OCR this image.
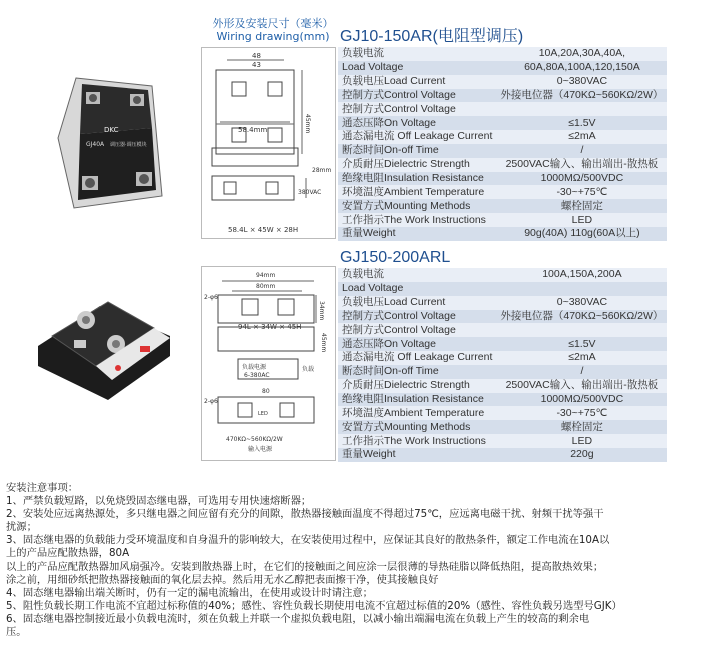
外形及安装尺寸（毫米）
Wiring drawing(mm)
DKC
GJ40A 调压器·调压模块
48
43
58.4mm	45mm
28mm
380VAC
58.4L × 45W × 28H
GJ10-150AR(电阻型调压)
负载电流	10A,20A,30A,40A,
Load Voltage	60A,80A,100A,120,150A
负载电压Load Current	0~380VAC
控制方式Control Voltage	外接电位器（470KΩ~560KΩ/2W）
控制方式Control Voltage	
通态压降On Voltage	≤1.5V
通态漏电流 Off Leakage Current	≤2mA
断态时间On-off Time	/
介质耐压Dielectric Strength	2500VAC输入、输出端出-散热板
绝缘电阻Insulation Resistance	1000MΩ/500VDC
环境温度Ambient Temperature	-30~+75℃
安置方式Mounting Methods	螺栓固定
工作指示The Work Instructions	LED
重量Weight	90g(40A) 110g(60A以上)
94mm
80mm
2-φ6
34mm
94L × 34W × 45H
45mm
负载电源
6-380AC
负载
80
2-φ6
LED
470KΩ~560KΩ/2W
输入电源
GJ150-200ARL
负载电流	100A,150A,200A
Load Voltage	
负载电压Load Current	0~380VAC
控制方式Control Voltage	外接电位器（470KΩ~560KΩ/2W）
控制方式Control Voltage	
通态压降On Voltage	≤1.5V
通态漏电流 Off Leakage Current	≤2mA
断态时间On-off Time	/
介质耐压Dielectric Strength	2500VAC输入、输出端出-散热板
绝缘电阻Insulation Resistance	1000MΩ/500VDC
环境温度Ambient Temperature	-30~+75℃
安置方式Mounting Methods	螺栓固定
工作指示The Work Instructions	LED
重量Weight	220g
安装注意事项：
1、严禁负载短路，以免烧毁固态继电器，可选用专用快速熔断器；
2、安装处应远离热源处，多只继电器之间应留有充分的间隙，散热器接触面温度不得超过75℃，应远离电磁干扰、射频干扰等强干
扰源；
3、固态继电器的负载能力受环境温度和自身温升的影响较大，在安装使用过程中，应保证其良好的散热条件，额定工作电流在10A以
上的产品应配散热器，80A
以上的产品应配散热器加风扇强冷。安装到散热器上时，在它们的接触面之间应涂一层很薄的导热硅脂以降低热阻，提高散热效果；
涂之前，用细砂纸把散热器接触面的氧化层去掉。然后用无水乙醇把表面擦干净，使其接触良好
4、固态继电器输出端关断时，仍有一定的漏电流输出，在使用或设计时请注意；
5、阻性负载长期工作电流不宜超过标称值的40%；感性、容性负载长期使用电流不宜超过标值的20%（感性、容性负载另选型号GJK）
6、固态继电器控制接近最小负载电流时，须在负载上并联一个虚拟负载电阻，以减小输出端漏电流在负载上产生的较高的剩余电
压。
